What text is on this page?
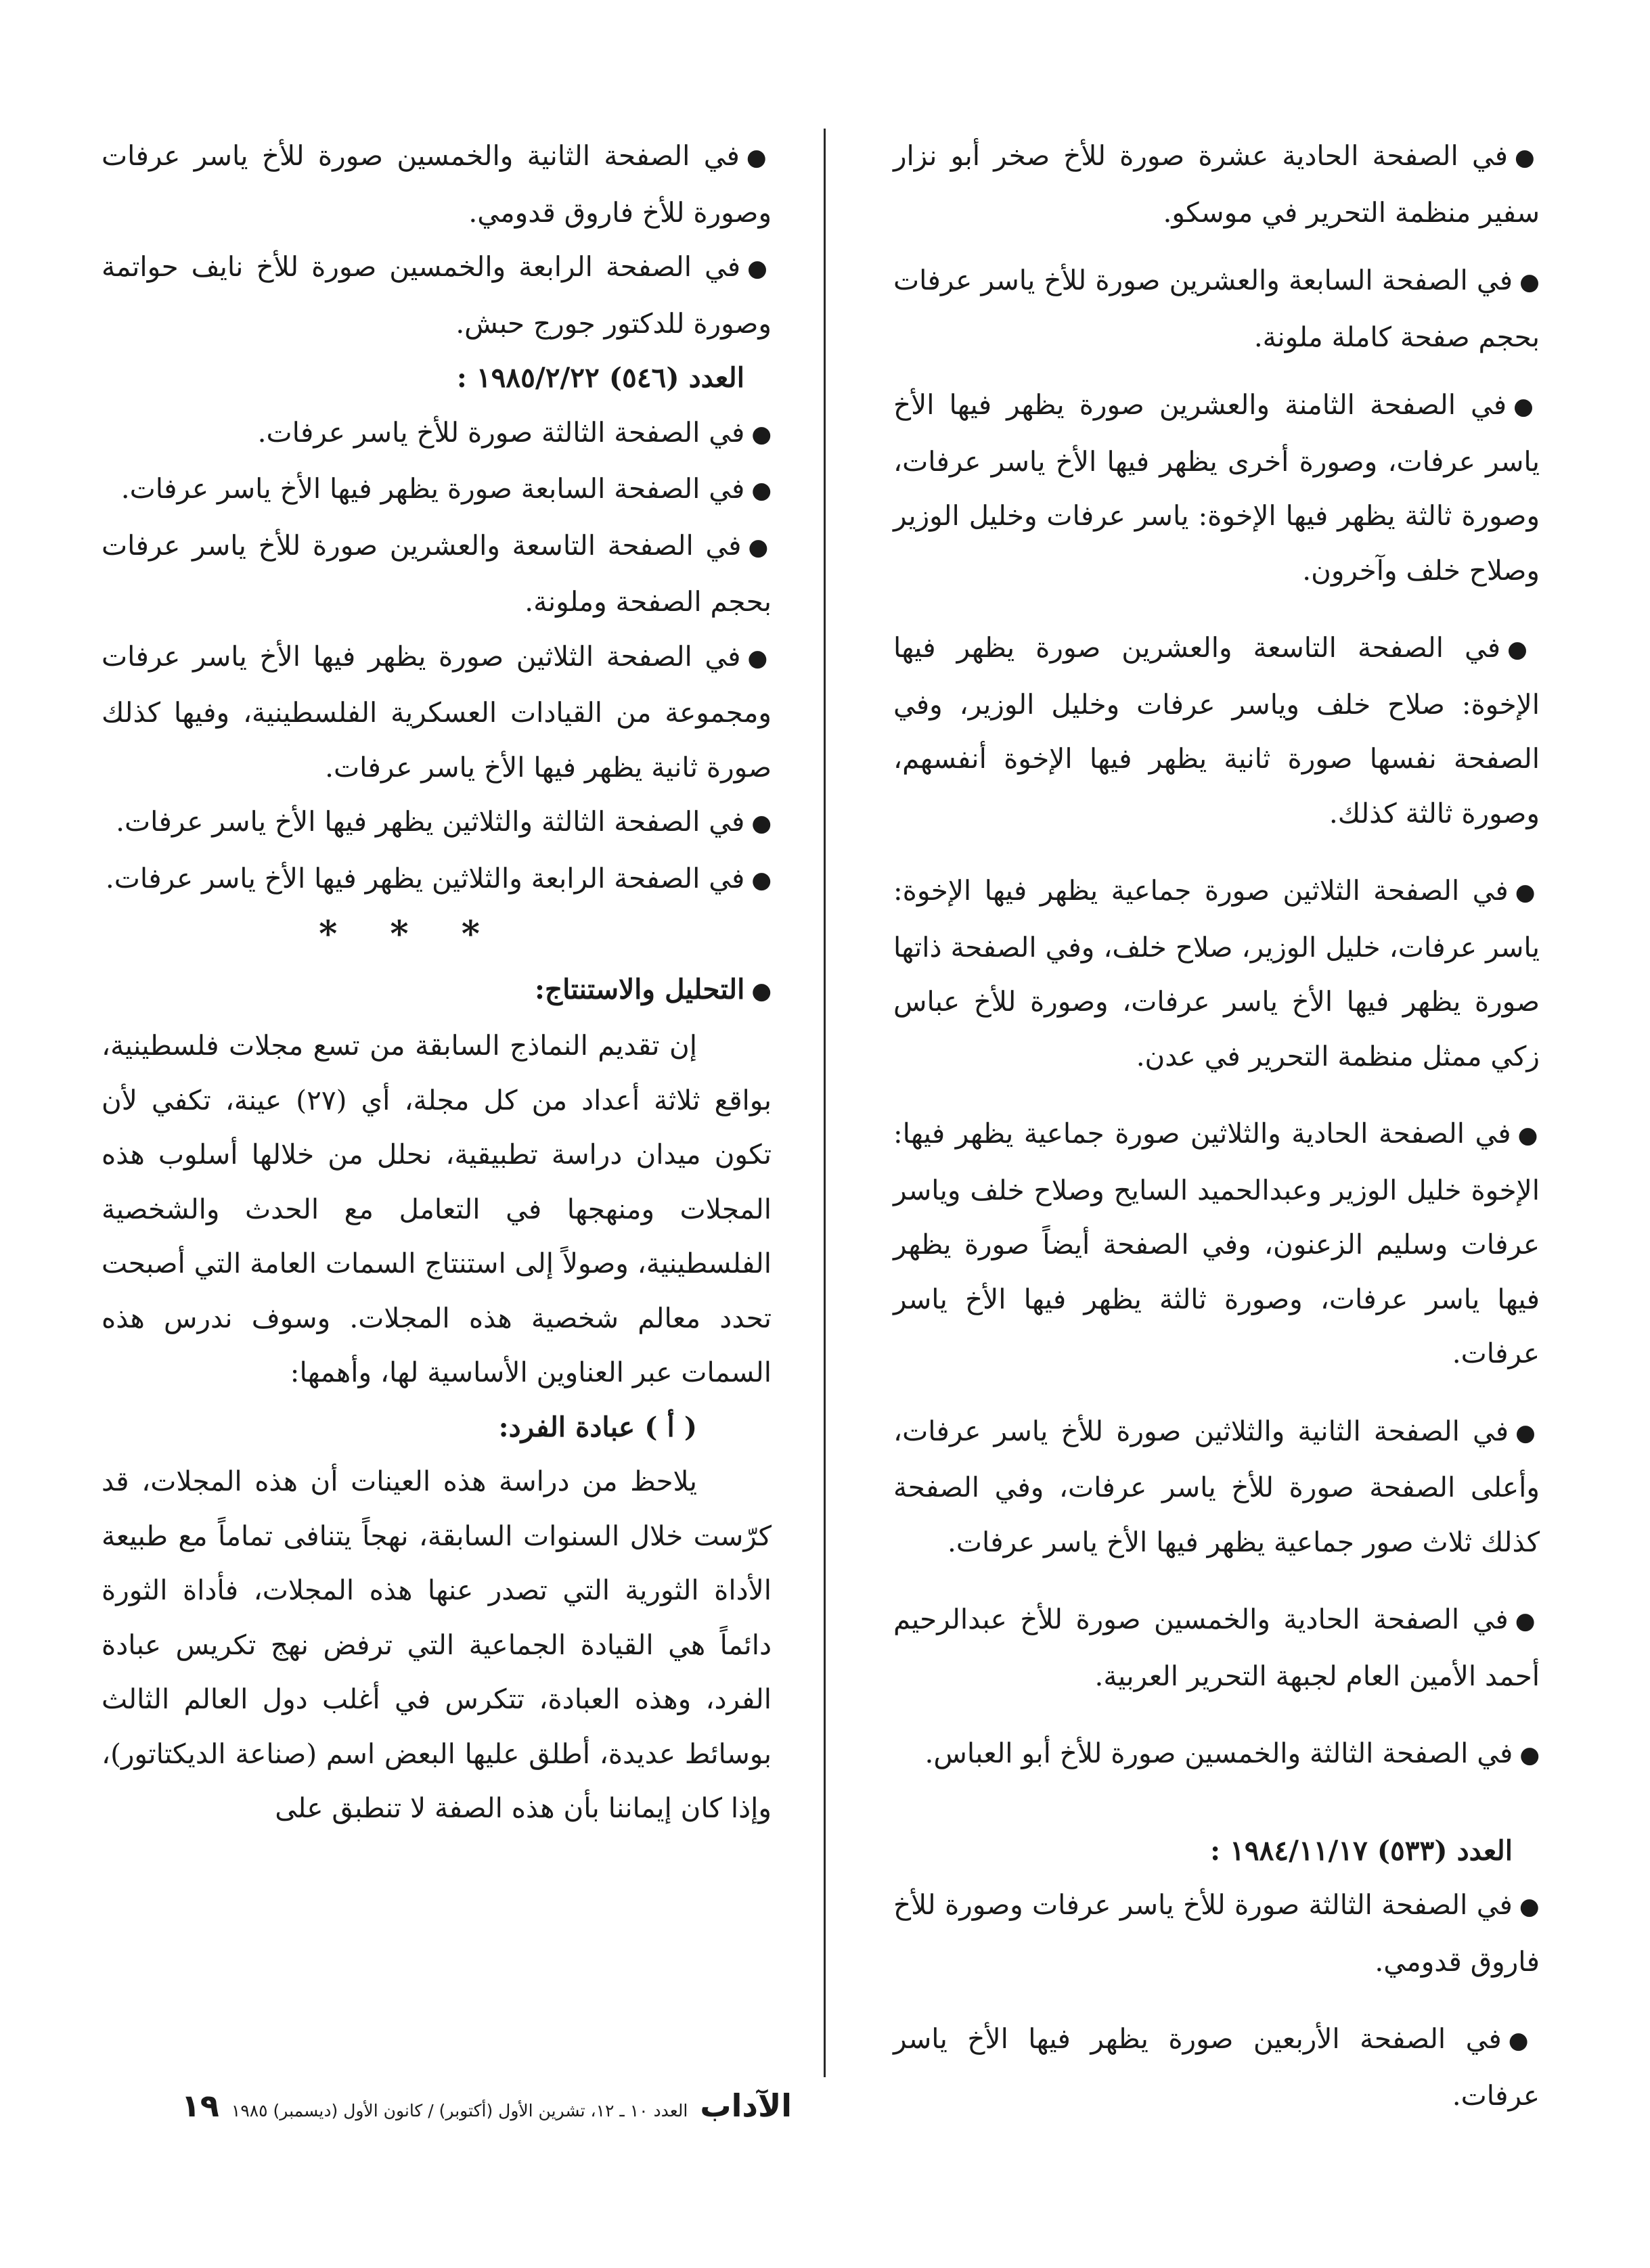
●في الصفحة الحادية عشرة صورة للأخ صخر أبو نزار سفير منظمة التحرير في موسكو.

●في الصفحة السابعة والعشرين صورة للأخ ياسر عرفات بحجم صفحة كاملة ملونة.

●في الصفحة الثامنة والعشرين صورة يظهر فيها الأخ ياسر عرفات، وصورة أخرى يظهر فيها الأخ ياسر عرفات، وصورة ثالثة يظهر فيها الإخوة: ياسر عرفات وخليل الوزير وصلاح خلف وآخرون.

●في الصفحة التاسعة والعشرين صورة يظهر فيها الإخوة: صلاح خلف وياسر عرفات وخليل الوزير، وفي الصفحة نفسها صورة ثانية يظهر فيها الإخوة أنفسهم، وصورة ثالثة كذلك.

●في الصفحة الثلاثين صورة جماعية يظهر فيها الإخوة: ياسر عرفات، خليل الوزير، صلاح خلف، وفي الصفحة ذاتها صورة يظهر فيها الأخ ياسر عرفات، وصورة للأخ عباس زكي ممثل منظمة التحرير في عدن.

●في الصفحة الحادية والثلاثين صورة جماعية يظهر فيها: الإخوة خليل الوزير وعبدالحميد السايح وصلاح خلف وياسر عرفات وسليم الزعنون، وفي الصفحة أيضاً صورة يظهر فيها ياسر عرفات، وصورة ثالثة يظهر فيها الأخ ياسر عرفات.

●في الصفحة الثانية والثلاثين صورة للأخ ياسر عرفات، وأعلى الصفحة صورة للأخ ياسر عرفات، وفي الصفحة كذلك ثلاث صور جماعية يظهر فيها الأخ ياسر عرفات.

●في الصفحة الحادية والخمسين صورة للأخ عبدالرحيم أحمد الأمين العام لجبهة التحرير العربية.

●في الصفحة الثالثة والخمسين صورة للأخ أبو العباس.

العدد (٥٣٣) ١٩٨٤/١١/١٧ :

●في الصفحة الثالثة صورة للأخ ياسر عرفات وصورة للأخ فاروق قدومي.

●في الصفحة الأربعين صورة يظهر فيها الأخ ياسر عرفات.

●في الصفحة الثانية والخمسين صورة للأخ ياسر عرفات وصورة للأخ فاروق قدومي.

●في الصفحة الرابعة والخمسين صورة للأخ نايف حواتمة وصورة للدكتور جورج حبش.

العدد (٥٤٦) ١٩٨٥/٢/٢٢ :

●في الصفحة الثالثة صورة للأخ ياسر عرفات.

●في الصفحة السابعة صورة يظهر فيها الأخ ياسر عرفات.

●في الصفحة التاسعة والعشرين صورة للأخ ياسر عرفات بحجم الصفحة وملونة.

●في الصفحة الثلاثين صورة يظهر فيها الأخ ياسر عرفات ومجموعة من القيادات العسكرية الفلسطينية، وفيها كذلك صورة ثانية يظهر فيها الأخ ياسر عرفات.

●في الصفحة الثالثة والثلاثين يظهر فيها الأخ ياسر عرفات.

●في الصفحة الرابعة والثلاثين يظهر فيها الأخ ياسر عرفات.

* * *

●التحليل والاستنتاج:

إن تقديم النماذج السابقة من تسع مجلات فلسطينية، بواقع ثلاثة أعداد من كل مجلة، أي (٢٧) عينة، تكفي لأن تكون ميدان دراسة تطبيقية، نحلل من خلالها أسلوب هذه المجلات ومنهجها في التعامل مع الحدث والشخصية الفلسطينية، وصولاً إلى استنتاج السمات العامة التي أصبحت تحدد معالم شخصية هذه المجلات. وسوف ندرس هذه السمات عبر العناوين الأساسية لها، وأهمها:

( أ ) عبادة الفرد:

يلاحظ من دراسة هذه العينات أن هذه المجلات، قد كرّست خلال السنوات السابقة، نهجاً يتنافى تماماً مع طبيعة الأداة الثورية التي تصدر عنها هذه المجلات، فأداة الثورة دائماً هي القيادة الجماعية التي ترفض نهج تكريس عبادة الفرد، وهذه العبادة، تتكرس في أغلب دول العالم الثالث بوسائط عديدة، أطلق عليها البعض اسم (صناعة الديكتاتور)، وإذا كان إيماننا بأن هذه الصفة لا تنطبق على

الآداب
العدد ١٠ ـ ١٢، تشرين الأول (أكتوبر) / كانون الأول (ديسمبر) ١٩٨٥
١٩
